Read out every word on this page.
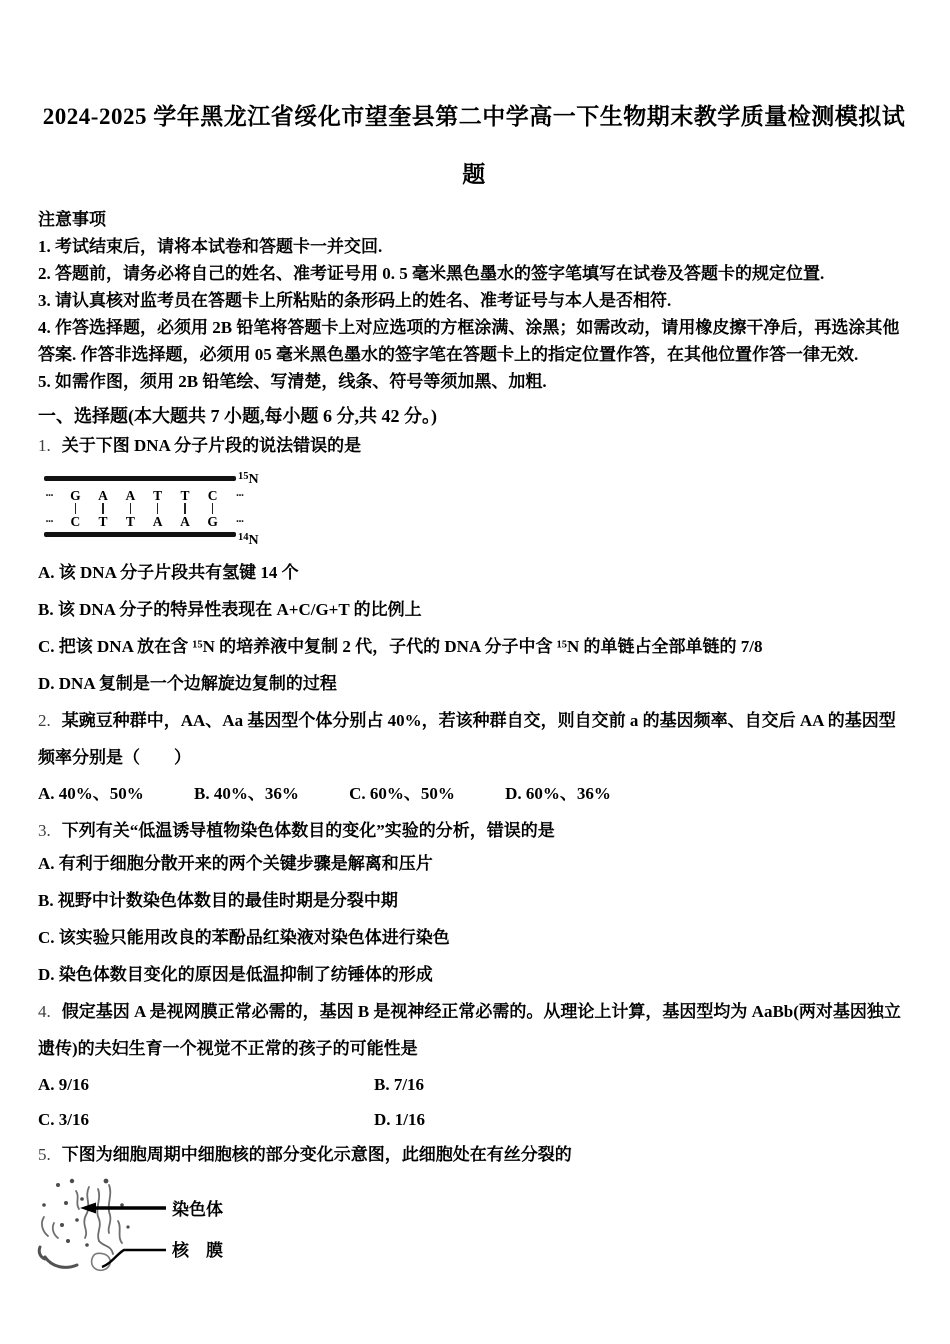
2024-2025 学年黑龙江省绥化市望奎县第二中学高一下生物期末教学质量检测模拟试题
注意事项
1. 考试结束后，请将本试卷和答题卡一并交回.
2. 答题前，请务必将自己的姓名、准考证号用 0. 5 毫米黑色墨水的签字笔填写在试卷及答题卡的规定位置.
3. 请认真核对监考员在答题卡上所粘贴的条形码上的姓名、准考证号与本人是否相符.
4. 作答选择题，必须用 2B 铅笔将答题卡上对应选项的方框涂满、涂黑；如需改动，请用橡皮擦干净后，再选涂其他答案. 作答非选择题，必须用 05 毫米黑色墨水的签字笔在答题卡上的指定位置作答，在其他位置作答一律无效.
5. 如需作图，须用 2B 铅笔绘、写清楚，线条、符号等须加黑、加粗.
一、选择题(本大题共 7 小题,每小题 6 分,共 42 分。)
1. 关于下图 DNA 分子片段的说法错误的是
$^{15}$N
···
···
G
C
A
T
A
T
T
A
T
A
C
G
···
···
$^{14}$N
A. 该 DNA 分子片段共有氢键 14 个
B. 该 DNA 分子的特异性表现在 A+C/G+T 的比例上
C. 把该 DNA 放在含 ¹⁵N 的培养液中复制 2 代，子代的 DNA 分子中含 ¹⁵N 的单链占全部单链的 7/8
D. DNA 复制是一个边解旋边复制的过程
2. 某豌豆种群中，AA、Aa 基因型个体分别占 40%，若该种群自交，则自交前 a 的基因频率、自交后 AA 的基因型频率分别是（　　）
A. 40%、50%	B. 40%、36%	C. 60%、50%	D. 60%、36%
3. 下列有关“低温诱导植物染色体数目的变化”实验的分析，错误的是
A. 有利于细胞分散开来的两个关键步骤是解离和压片
B. 视野中计数染色体数目的最佳时期是分裂中期
C. 该实验只能用改良的苯酚品红染液对染色体进行染色
D. 染色体数目变化的原因是低温抑制了纺锤体的形成
4. 假定基因 A 是视网膜正常必需的，基因 B 是视神经正常必需的。从理论上计算，基因型均为 AaBb(两对基因独立遗传)的夫妇生育一个视觉不正常的孩子的可能性是
A. 9/16	B. 7/16
C. 3/16	D. 1/16
5. 下图为细胞周期中细胞核的部分变化示意图，此细胞处在有丝分裂的
染色体
核　膜
